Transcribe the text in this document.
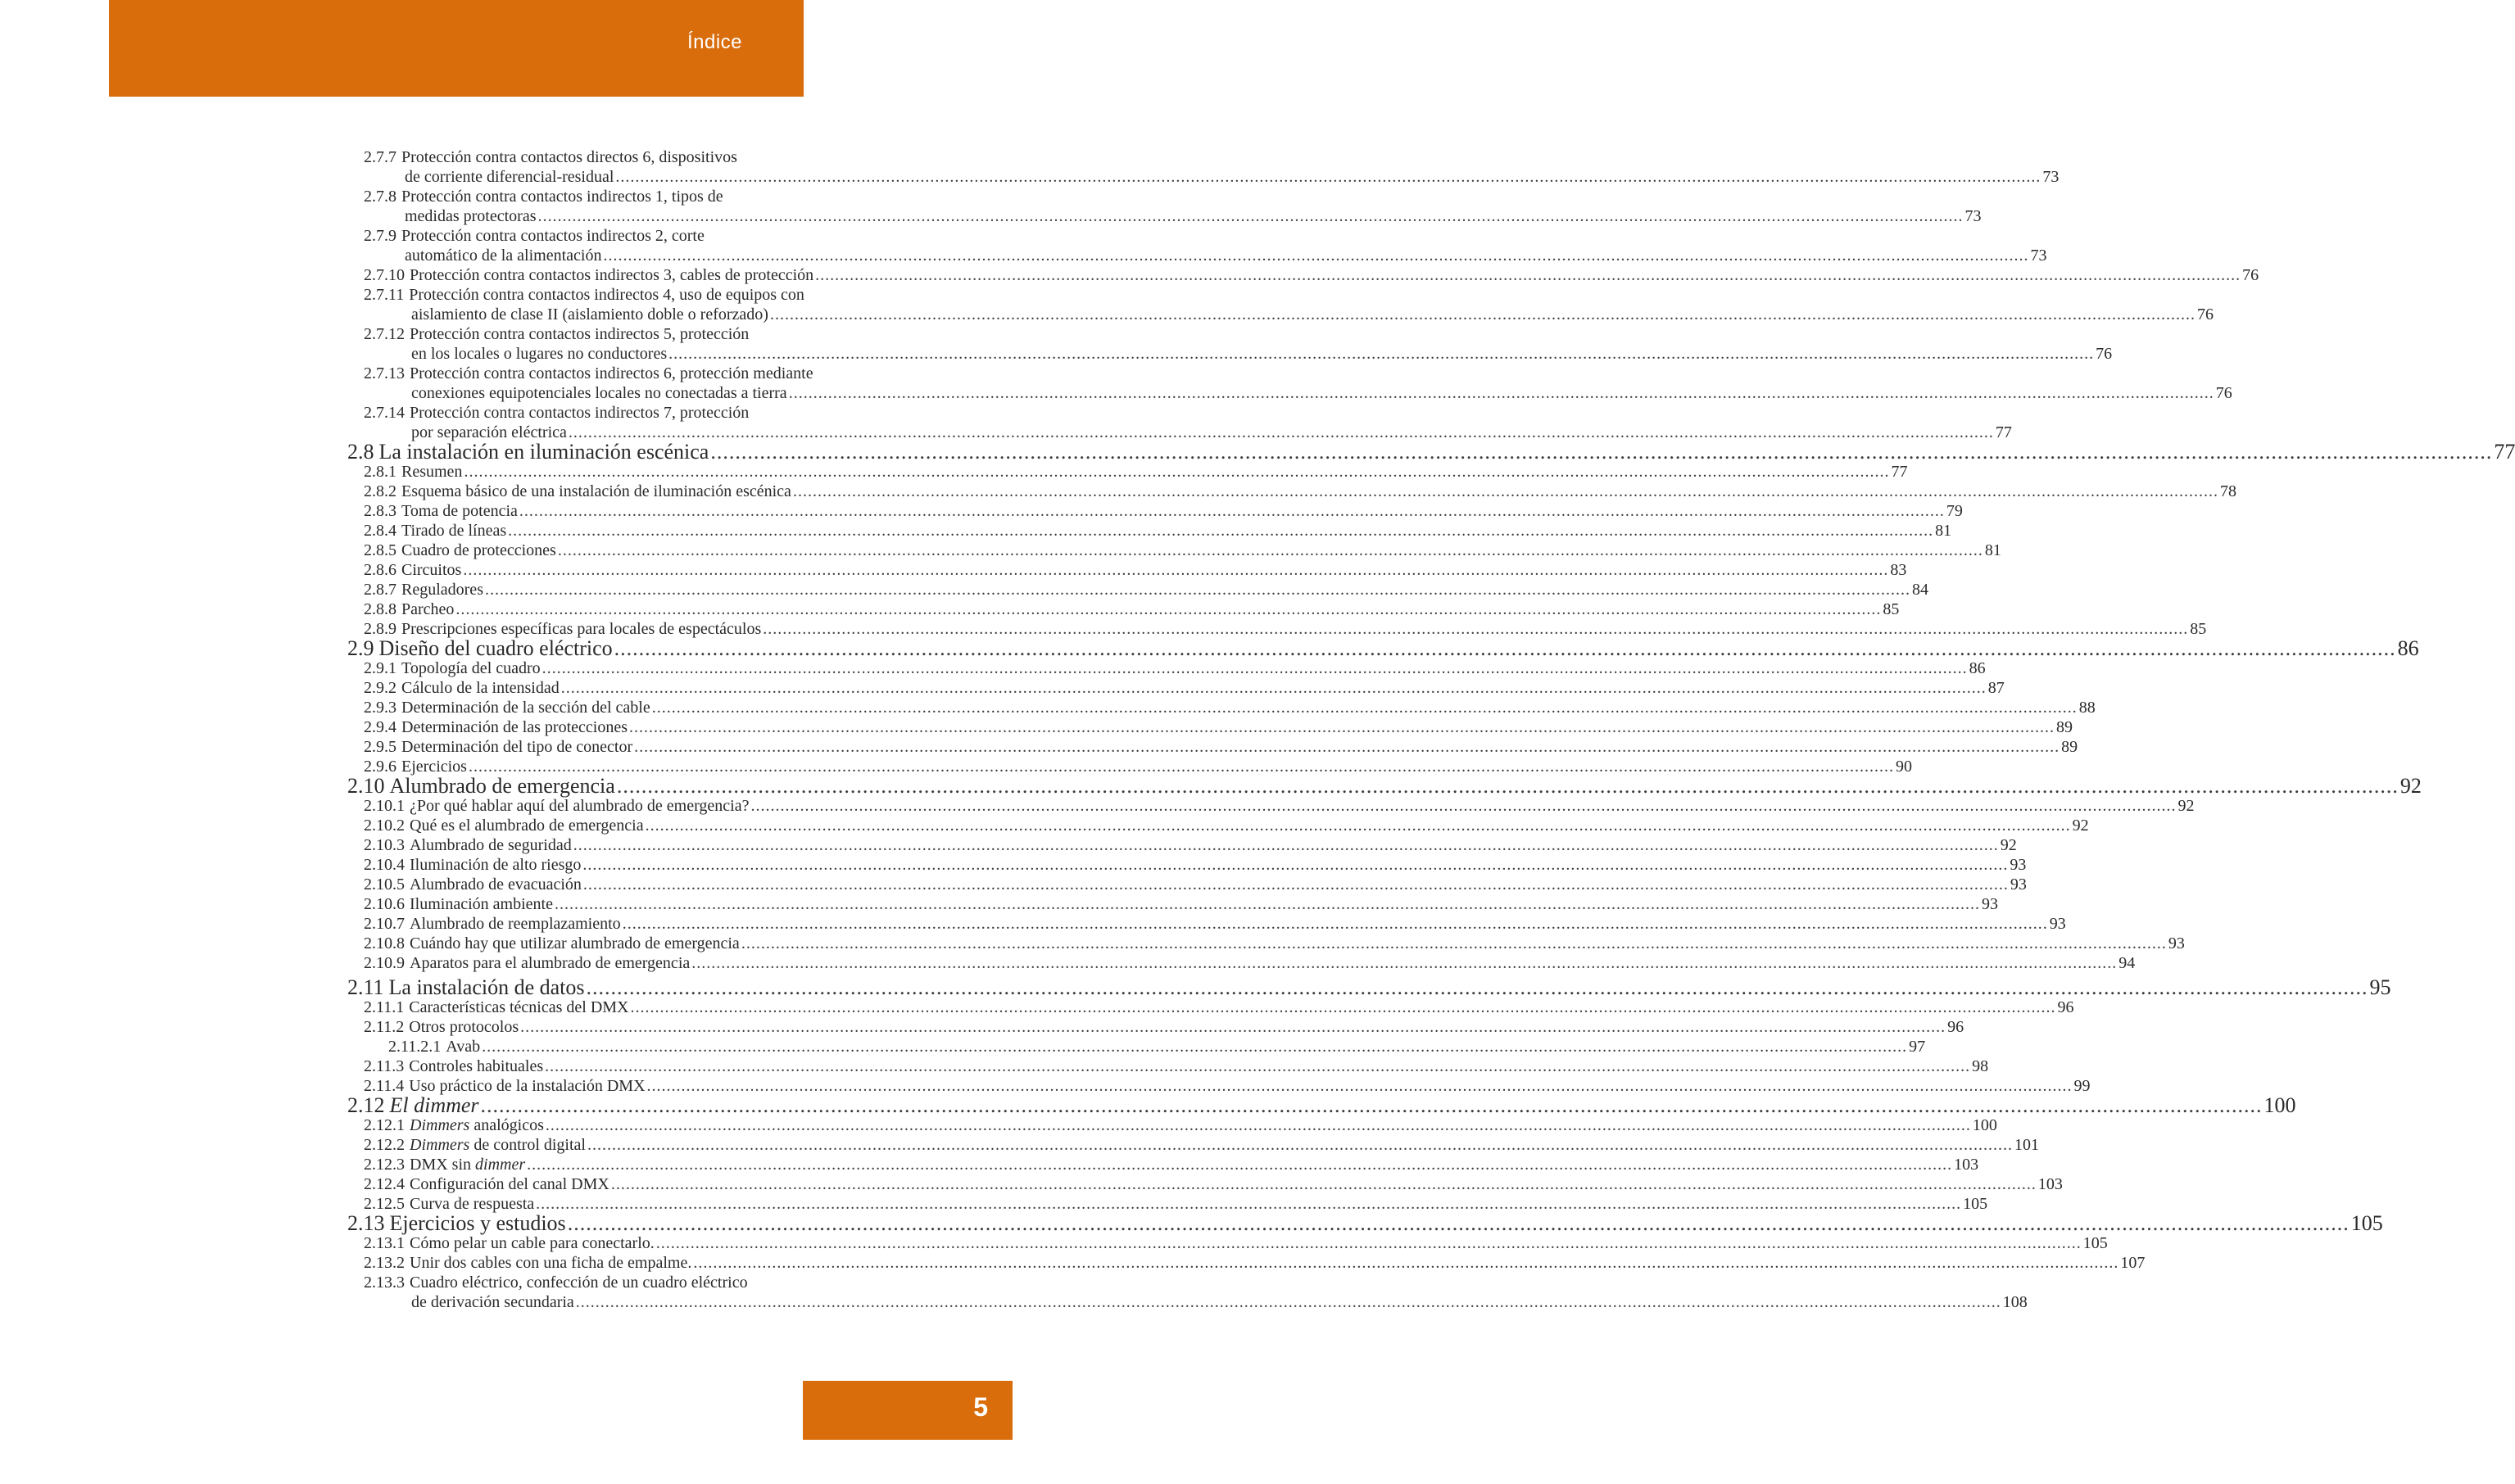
Índice
2.7.7 Protección contra contactos directos 6, dispositivos
de corriente diferencial-residual .....	73
2.7.8 Protección contra contactos indirectos 1, tipos de
medidas protectoras .....	73
2.7.9 Protección contra contactos indirectos 2, corte
automático de la alimentación .....	73
2.7.10 Protección contra contactos indirectos 3, cables de protección .....	76
2.7.11 Protección contra contactos indirectos 4, uso de equipos con
aislamiento de clase II (aislamiento doble o reforzado) .....	76
2.7.12 Protección contra contactos indirectos 5, protección
en los locales o lugares no conductores .....	76
2.7.13 Protección contra contactos indirectos 6, protección mediante
conexiones equipotenciales locales no conectadas a tierra .....	76
2.7.14 Protección contra contactos indirectos 7, protección
por separación eléctrica .....	77
2.8 La instalación en iluminación escénica .....	77
2.8.1 Resumen .....	77
2.8.2 Esquema básico de una instalación de iluminación escénica .....	78
2.8.3 Toma de potencia .....	79
2.8.4 Tirado de líneas .....	81
2.8.5 Cuadro de protecciones .....	81
2.8.6 Circuitos .....	83
2.8.7 Reguladores .....	84
2.8.8 Parcheo .....	85
2.8.9 Prescripciones específicas para locales de espectáculos .....	85
2.9 Diseño del cuadro eléctrico .....	86
2.9.1 Topología del cuadro .....	86
2.9.2 Cálculo de la intensidad .....	87
2.9.3 Determinación de la sección del cable .....	88
2.9.4 Determinación de las protecciones .....	89
2.9.5 Determinación del tipo de conector .....	89
2.9.6 Ejercicios .....	90
2.10 Alumbrado de emergencia .....	92
2.10.1 ¿Por qué hablar aquí del alumbrado de emergencia? .....	92
2.10.2 Qué es el alumbrado de emergencia .....	92
2.10.3 Alumbrado de seguridad .....	92
2.10.4 Iluminación de alto riesgo .....	93
2.10.5 Alumbrado de evacuación .....	93
2.10.6 Iluminación ambiente .....	93
2.10.7 Alumbrado de reemplazamiento .....	93
2.10.8 Cuándo hay que utilizar alumbrado de emergencia .....	93
2.10.9 Aparatos para el alumbrado de emergencia .....	94
2.11 La instalación de datos .....	95
2.11.1 Características técnicas del DMX .....	96
2.11.2 Otros protocolos .....	96
2.11.2.1 Avab .....	97
2.11.3 Controles habituales .....	98
2.11.4 Uso práctico de la instalación DMX .....	99
2.12 El dimmer .....	100
2.12.1 Dimmers analógicos .....	100
2.12.2 Dimmers de control digital .....	101
2.12.3 DMX sin dimmer .....	103
2.12.4 Configuración del canal DMX .....	103
2.12.5 Curva de respuesta .....	105
2.13 Ejercicios y estudios .....	105
2.13.1 Cómo pelar un cable para conectarlo. .....	105
2.13.2 Unir dos cables con una ficha de empalme. .....	107
2.13.3 Cuadro eléctrico, confección de un cuadro eléctrico
de derivación secundaria .....	108
5
